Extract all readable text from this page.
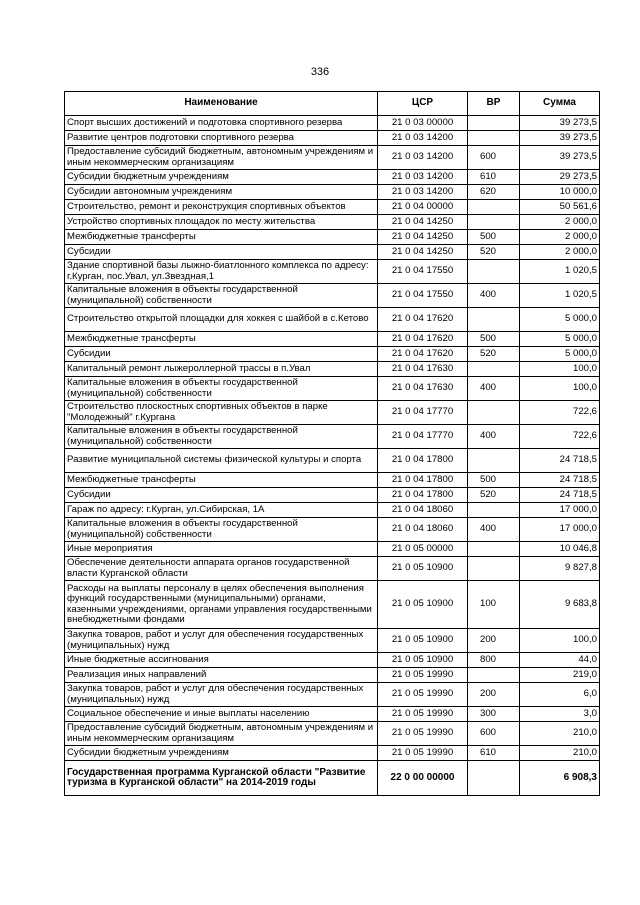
336
Наименование	ЦСР	ВР	Сумма
Спорт высших достижений и подготовка спортивного резерва	21 0 03 00000		39 273,5
Развитие центров подготовки спортивного резерва	21 0 03 14200		39 273,5
Предоставление субсидий бюджетным, автономным учреждениям и иным некоммерческим организациям	21 0 03 14200	600	39 273,5
Субсидии бюджетным учреждениям	21 0 03 14200	610	29 273,5
Субсидии автономным учреждениям	21 0 03 14200	620	10 000,0
Строительство, ремонт и реконструкция спортивных объектов	21 0 04 00000		50 561,6
Устройство спортивных площадок по месту жительства	21 0 04 14250		2 000,0
Межбюджетные трансферты	21 0 04 14250	500	2 000,0
Субсидии	21 0 04 14250	520	2 000,0
Здание спортивной базы лыжно-биатлонного комплекса по адресу: г.Курган, пос.Увал, ул.Звездная,1	21 0 04 17550		1 020,5
Капитальные вложения в объекты государственной (муниципальной) собственности	21 0 04 17550	400	1 020,5
Строительство открытой площадки для хоккея с шайбой в с.Кетово	21 0 04 17620		5 000,0
Межбюджетные трансферты	21 0 04 17620	500	5 000,0
Субсидии	21 0 04 17620	520	5 000,0
Капитальный ремонт лыжероллерной трассы в п.Увал	21 0 04 17630		100,0
Капитальные вложения в объекты государственной (муниципальной) собственности	21 0 04 17630	400	100,0
Строительство плоскостных спортивных объектов в парке "Молодежный" г.Кургана	21 0 04 17770		722,6
Капитальные вложения в объекты государственной (муниципальной) собственности	21 0 04 17770	400	722,6
Развитие муниципальной системы физической культуры и спорта	21 0 04 17800		24 718,5
Межбюджетные трансферты	21 0 04 17800	500	24 718,5
Субсидии	21 0 04 17800	520	24 718,5
Гараж по адресу: г.Курган, ул.Сибирская, 1А	21 0 04 18060		17 000,0
Капитальные вложения в объекты государственной (муниципальной) собственности	21 0 04 18060	400	17 000,0
Иные мероприятия	21 0 05 00000		10 046,8
Обеспечение деятельности аппарата органов государственной власти Курганской области	21 0 05 10900		9 827,8
Расходы на выплаты персоналу в целях обеспечения выполнения функций государственными (муниципальными) органами, казенными учреждениями, органами управления государственными внебюджетными фондами	21 0 05 10900	100	9 683,8
Закупка товаров, работ и услуг для обеспечения государственных (муниципальных) нужд	21 0 05 10900	200	100,0
Иные бюджетные ассигнования	21 0 05 10900	800	44,0
Реализация иных направлений	21 0 05 19990		219,0
Закупка товаров, работ и услуг для обеспечения государственных (муниципальных) нужд	21 0 05 19990	200	6,0
Социальное обеспечение и иные выплаты населению	21 0 05 19990	300	3,0
Предоставление субсидий бюджетным, автономным учреждениям и иным некоммерческим организациям	21 0 05 19990	600	210,0
Субсидии бюджетным учреждениям	21 0 05 19990	610	210,0
Государственная программа Курганской области "Развитие туризма в Курганской области" на 2014-2019 годы	22 0 00 00000		6 908,3
